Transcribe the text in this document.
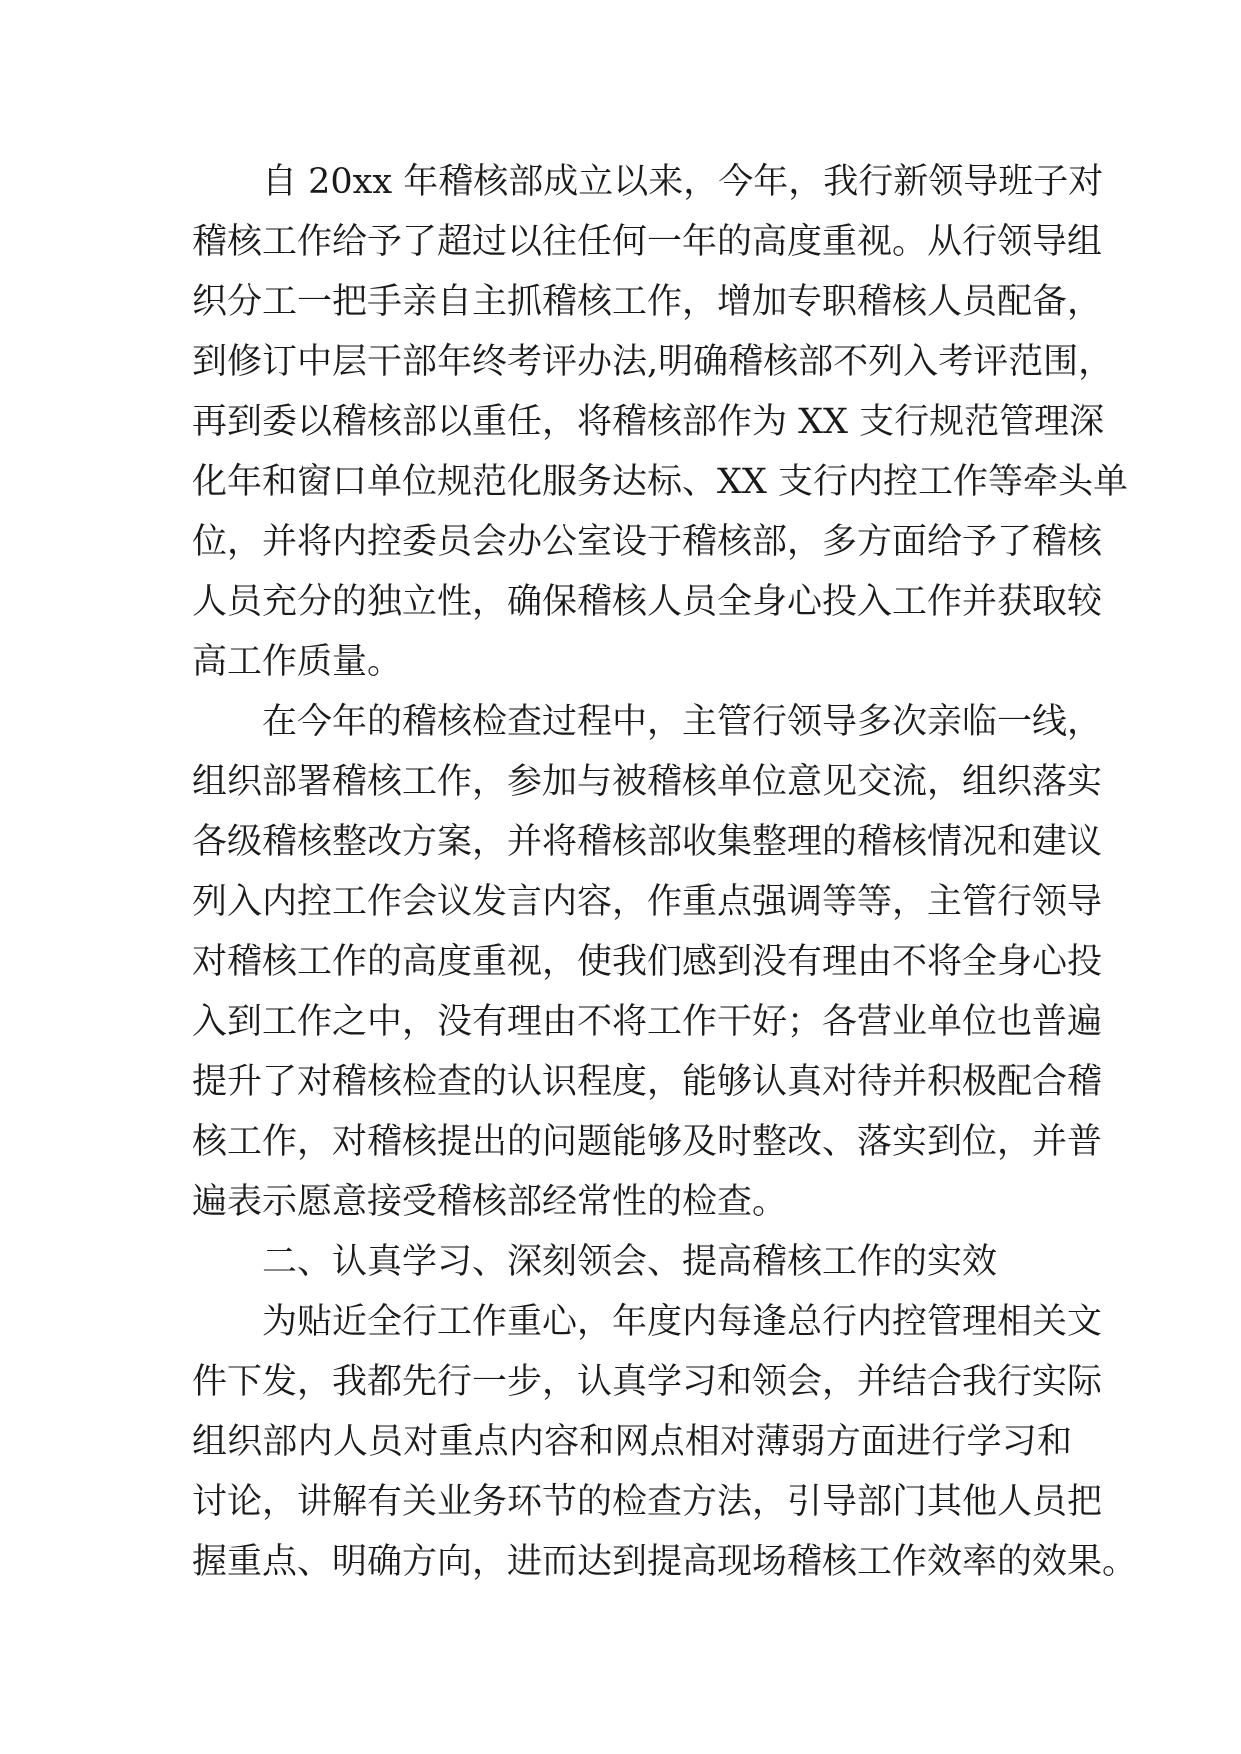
自 20xx 年稽核部成立以来，今年，我行新领导班子对
稽核工作给予了超过以往任何一年的高度重视。从行领导组
织分工一把手亲自主抓稽核工作，增加专职稽核人员配备，
到修订中层干部年终考评办法,明确稽核部不列入考评范围，
再到委以稽核部以重任，将稽核部作为 XX 支行规范管理深
化年和窗口单位规范化服务达标、XX 支行内控工作等牵头单
位，并将内控委员会办公室设于稽核部，多方面给予了稽核
人员充分的独立性，确保稽核人员全身心投入工作并获取较
高工作质量。
在今年的稽核检查过程中，主管行领导多次亲临一线，
组织部署稽核工作，参加与被稽核单位意见交流，组织落实
各级稽核整改方案，并将稽核部收集整理的稽核情况和建议
列入内控工作会议发言内容，作重点强调等等，主管行领导
对稽核工作的高度重视，使我们感到没有理由不将全身心投
入到工作之中，没有理由不将工作干好；各营业单位也普遍
提升了对稽核检查的认识程度，能够认真对待并积极配合稽
核工作，对稽核提出的问题能够及时整改、落实到位，并普
遍表示愿意接受稽核部经常性的检查。
二、认真学习、深刻领会、提高稽核工作的实效
为贴近全行工作重心，年度内每逢总行内控管理相关文
件下发，我都先行一步，认真学习和领会，并结合我行实际
组织部内人员对重点内容和网点相对薄弱方面进行学习和
讨论，讲解有关业务环节的检查方法，引导部门其他人员把
握重点、明确方向，进而达到提高现场稽核工作效率的效果。
